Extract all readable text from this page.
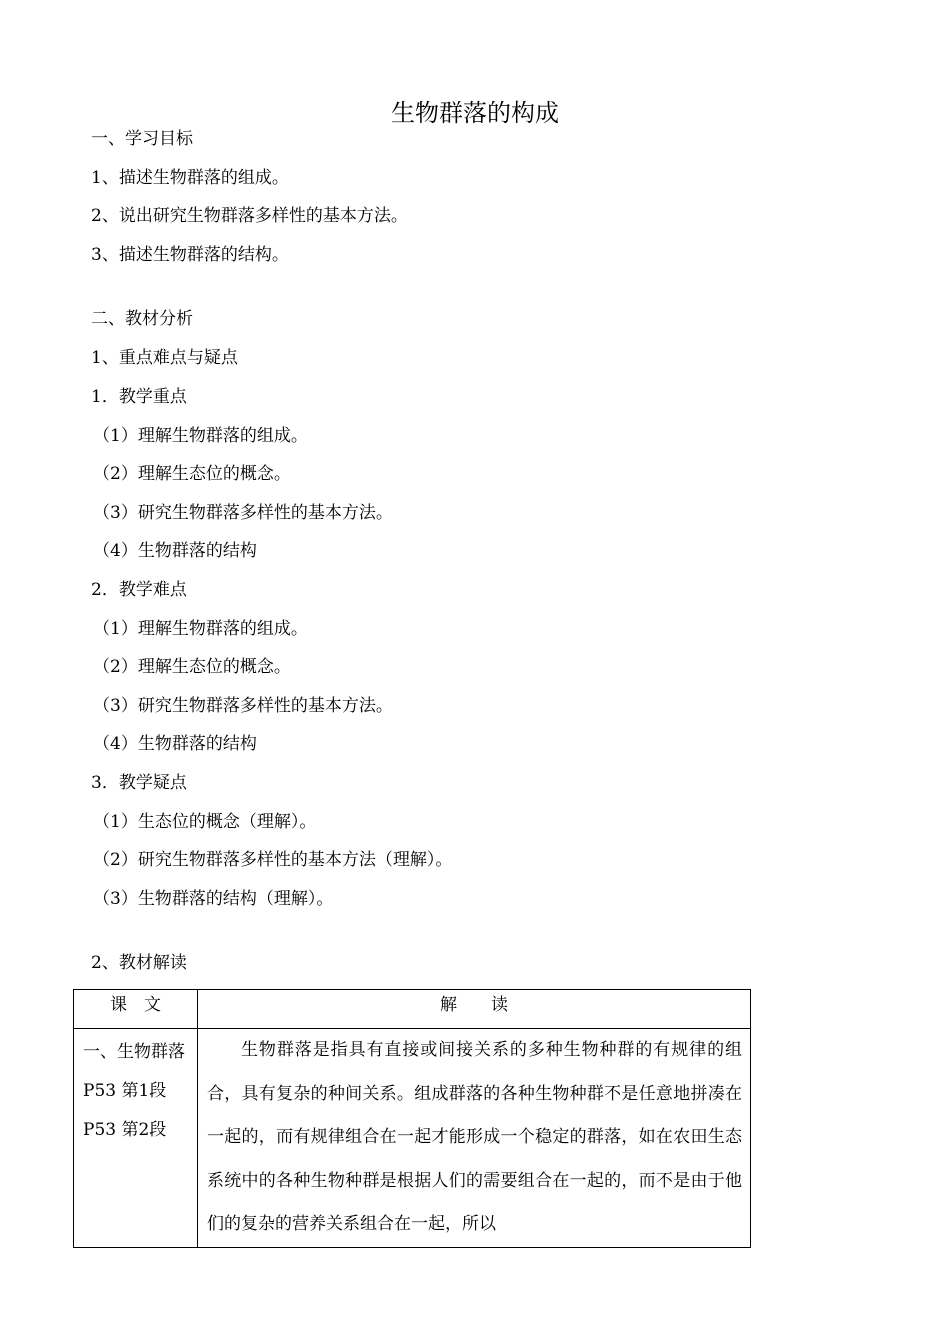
生物群落的构成
一、学习目标
1、描述生物群落的组成。
2、说出研究生物群落多样性的基本方法。
3、描述生物群落的结构。
二、教材分析
1、重点难点与疑点
1．教学重点
（1）理解生物群落的组成。
（2）理解生态位的概念。
（3）研究生物群落多样性的基本方法。
（4）生物群落的结构
2．教学难点
（1）理解生物群落的组成。
（2）理解生态位的概念。
（3）研究生物群落多样性的基本方法。
（4）生物群落的结构
3．教学疑点
（1）生态位的概念（理解）。
（2）研究生物群落多样性的基本方法（理解）。
（3）生物群落的结构（理解）。
2、教材解读
课　文	解　　读

一、生物群落
P53 第1段
P53 第2段	生物群落是指具有直接或间接关系的多种生物种群的有规律的组合，具有复杂的种间关系。组成群落的各种生物种群不是任意地拼凑在一起的，而有规律组合在一起才能形成一个稳定的群落，如在农田生态系统中的各种生物种群是根据人们的需要组合在一起的，而不是由于他们的复杂的营养关系组合在一起，所以
